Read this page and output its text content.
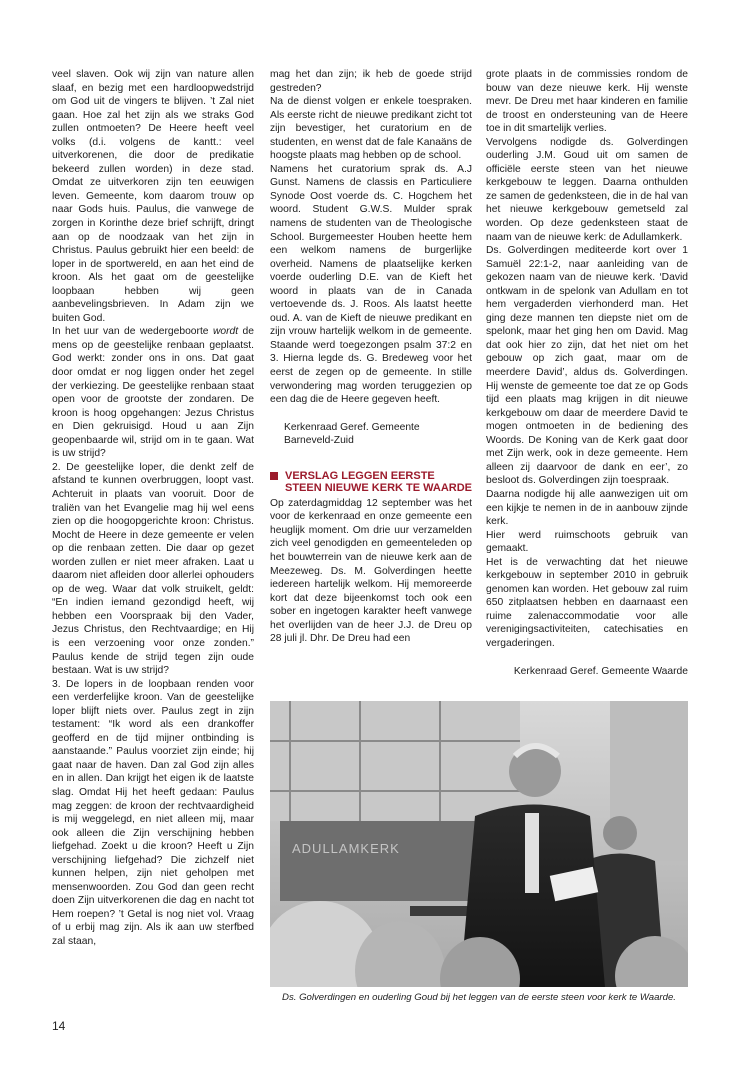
veel slaven. Ook wij zijn van nature allen slaaf, en bezig met een hardloopwedstrijd om God uit de vingers te blijven. ’t Zal niet gaan. Hoe zal het zijn als we straks God zullen ontmoeten? De Heere heeft veel volks (d.i. volgens de kantt.: veel uitverkorenen, die door de predikatie bekeerd zullen worden) in deze stad. Omdat ze uitverkoren zijn ten eeuwigen leven. Gemeente, kom daarom trouw op naar Gods huis. Paulus, die vanwege de zorgen in Korinthe deze brief schrijft, dringt aan op de noodzaak van het zijn in Christus. Paulus gebruikt hier een beeld: de loper in de sportwereld, en aan het eind de kroon. Als het gaat om de geestelijke loopbaan hebben wij geen aanbevelingsbrieven. In Adam zijn we buiten God.

In het uur van de wedergeboorte wordt de mens op de geestelijke renbaan geplaatst. God werkt: zonder ons in ons. Dat gaat door omdat er nog liggen onder het zegel der verkiezing. De geestelijke renbaan staat open voor de grootste der zondaren. De kroon is hoog opgehangen: Jezus Christus en Dien gekruisigd. Houd u aan Zijn geopenbaarde wil, strijd om in te gaan. Wat is uw strijd?

2. De geestelijke loper, die denkt zelf de afstand te kunnen overbruggen, loopt vast. Achteruit in plaats van vooruit. Door de traliën van het Evangelie mag hij wel eens zien op die hoogopgerichte kroon: Christus. Mocht de Heere in deze gemeente er velen op die renbaan zetten. Die daar op gezet worden zullen er niet meer afraken. Laat u daarom niet afleiden door allerlei ophouders op de weg. Waar dat volk struikelt, geldt: “En indien iemand gezondigd heeft, wij hebben een Voorspraak bij den Vader, Jezus Christus, den Rechtvaardige; en Hij is een verzoening voor onze zonden.” Paulus kende de strijd tegen zijn oude bestaan. Wat is uw strijd?

3. De lopers in de loopbaan renden voor een verderfelijke kroon. Van de geestelijke loper blijft niets over. Paulus zegt in zijn testament: “Ik word als een drankoffer geofferd en de tijd mijner ontbinding is aanstaande.” Paulus voorziet zijn einde; hij gaat naar de haven. Dan zal God zijn alles en in allen. Dan krijgt het eigen ik de laatste slag. Omdat Hij het heeft gedaan: Paulus mag zeggen: de kroon der rechtvaardigheid is mij weggelegd, en niet alleen mij, maar ook alleen die Zijn verschijning hebben liefgehad. Zoekt u die kroon? Heeft u Zijn verschijning liefgehad? Die zichzelf niet kunnen helpen, zijn niet geholpen met mensenwoorden. Zou God dan geen recht doen Zijn uitverkorenen die dag en nacht tot Hem roepen? ’t Getal is nog niet vol. Vraag of u erbij mag zijn. Als ik aan uw sterfbed zal staan,

mag het dan zijn; ik heb de goede strijd gestreden?

Na de dienst volgen er enkele toespraken. Als eerste richt de nieuwe predikant zicht tot zijn bevestiger, het curatorium en de studenten, en wenst dat de fale Kanaäns de hoogste plaats mag hebben op de school.

Namens het curatorium sprak ds. A.J Gunst. Namens de classis en Particuliere Synode Oost voerde ds. C. Hogchem het woord. Student G.W.S. Mulder sprak namens de studenten van de Theologische School. Burgemeester Houben heette hem een welkom namens de burgerlijke overheid. Namens de plaatselijke kerken voerde ouderling D.E. van de Kieft het woord in plaats van de in Canada vertoevende ds. J. Roos. Als laatst heette oud. A. van de Kieft de nieuwe predikant en zijn vrouw hartelijk welkom in de gemeente. Staande werd toegezongen psalm 37:2 en 3. Hierna legde ds. G. Bredeweg voor het eerst de zegen op de gemeente. In stille verwondering mag worden teruggezien op een dag die de Heere gegeven heeft.

Kerkenraad Geref. Gemeente

Barneveld-Zuid

VERSLAG LEGGEN EERSTE STEEN NIEUWE KERK TE WAARDE

Op zaterdagmiddag 12 september was het voor de kerkenraad en onze gemeente een heuglijk moment. Om drie uur verzamelden zich veel genodigden en gemeenteleden op het bouwterrein van de nieuwe kerk aan de Meezeweg. Ds. M. Golverdingen heette iedereen hartelijk welkom. Hij memoreerde kort dat deze bijeenkomst toch ook een sober en ingetogen karakter heeft vanwege het overlijden van de heer J.J. de Dreu op 28 juli jl. Dhr. De Dreu had een

grote plaats in de commissies rondom de bouw van deze nieuwe kerk. Hij wenste mevr. De Dreu met haar kinderen en familie de troost en ondersteuning van de Heere toe in dit smartelijk verlies.

Vervolgens nodigde ds. Golverdingen ouderling J.M. Goud uit om samen de officiële eerste steen van het nieuwe kerkgebouw te leggen. Daarna onthulden ze samen de gedenksteen, die in de hal van het nieuwe kerkgebouw gemetseld zal worden. Op deze gedenksteen staat de naam van de nieuwe kerk: de Adullamkerk.

Ds. Golverdingen mediteerde kort over 1 Samuël 22:1-2, naar aanleiding van de gekozen naam van de nieuwe kerk. ‘David ontkwam in de spelonk van Adullam en tot hem vergaderden vierhonderd man. Het ging deze mannen ten diepste niet om de spelonk, maar het ging hen om David. Mag dat ook hier zo zijn, dat het niet om het gebouw op zich gaat, maar om de meerdere David’, aldus ds. Golverdingen. Hij wenste de gemeente toe dat ze op Gods tijd een plaats mag krijgen in dit nieuwe kerkgebouw om daar de meerdere David te mogen ontmoeten in de bediening des Woords. De Koning van de Kerk gaat door met Zijn werk, ook in deze gemeente. Hem alleen zij daarvoor de dank en eer’, zo besloot ds. Golverdingen zijn toespraak.

Daarna nodigde hij alle aanwezigen uit om een kijkje te nemen in de in aanbouw zijnde kerk.

Hier werd ruimschoots gebruik van gemaakt.

Het is de verwachting dat het nieuwe kerkgebouw in september 2010 in gebruik genomen kan worden. Het gebouw zal ruim 650 zitplaatsen hebben en daarnaast een ruime zalenaccommodatie voor alle verenigingsactiviteiten, catechisaties en vergaderingen.

Kerkenraad Geref. Gemeente Waarde

ADULLAMKERK
Ds. Golverdingen en ouderling Goud bij het leggen van de eerste steen voor kerk te Waarde.
14
